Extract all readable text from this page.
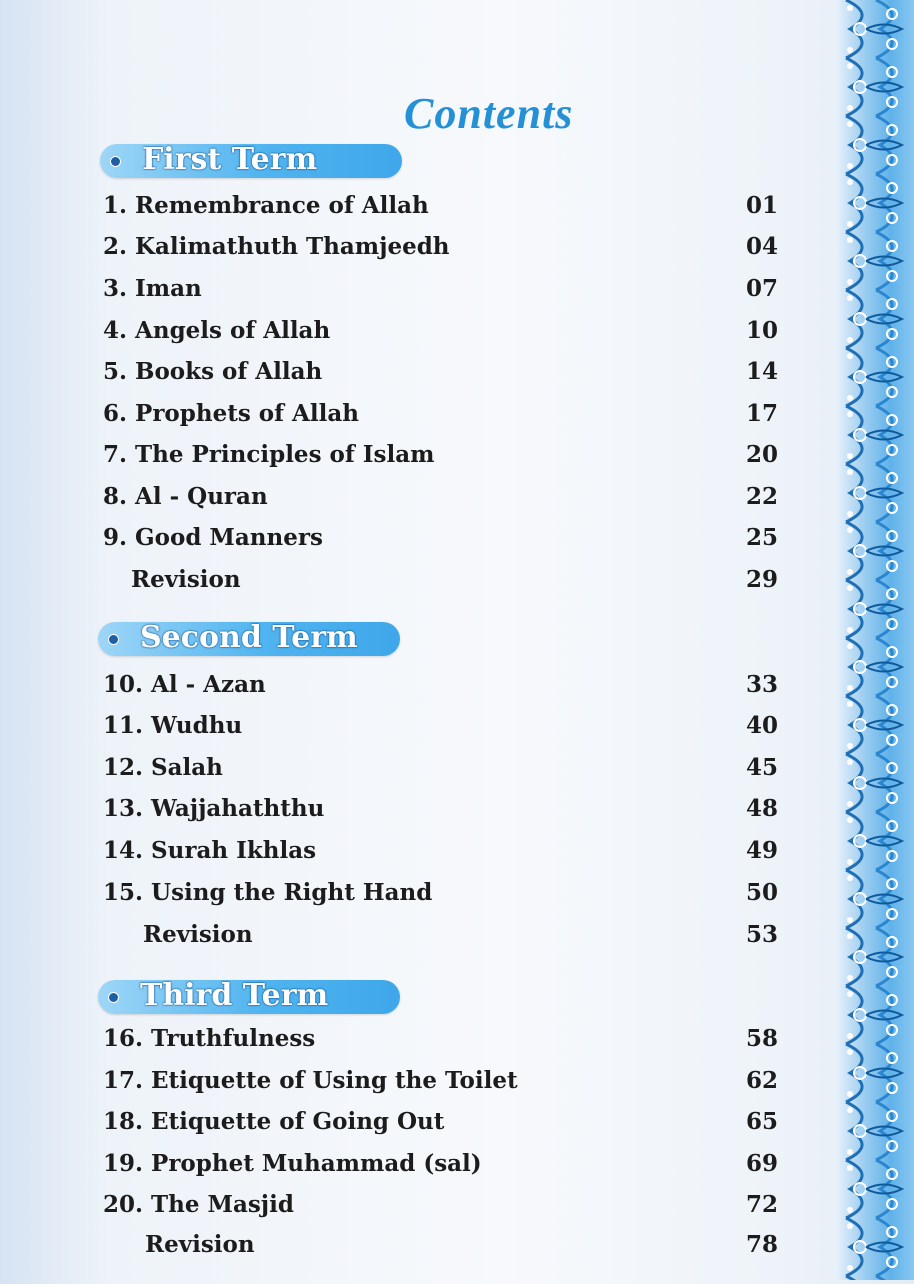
Contents
First Term
1. Remembrance of Allah	01
2. Kalimathuth Thamjeedh	04
3. Iman	07
4. Angels of Allah	10
5. Books of Allah	14
6. Prophets of Allah	17
7. The Principles of Islam	20
8. Al - Quran	22
9. Good Manners	25
Revision	29
Second Term
10. Al - Azan	33
11. Wudhu	40
12. Salah	45
13. Wajjahaththu	48
14. Surah Ikhlas	49
15. Using the Right Hand	50
Revision	53
Third Term
16. Truthfulness	58
17. Etiquette of Using the Toilet	62
18. Etiquette of Going Out	65
19. Prophet Muhammad (sal)	69
20. The Masjid	72
Revision	78
